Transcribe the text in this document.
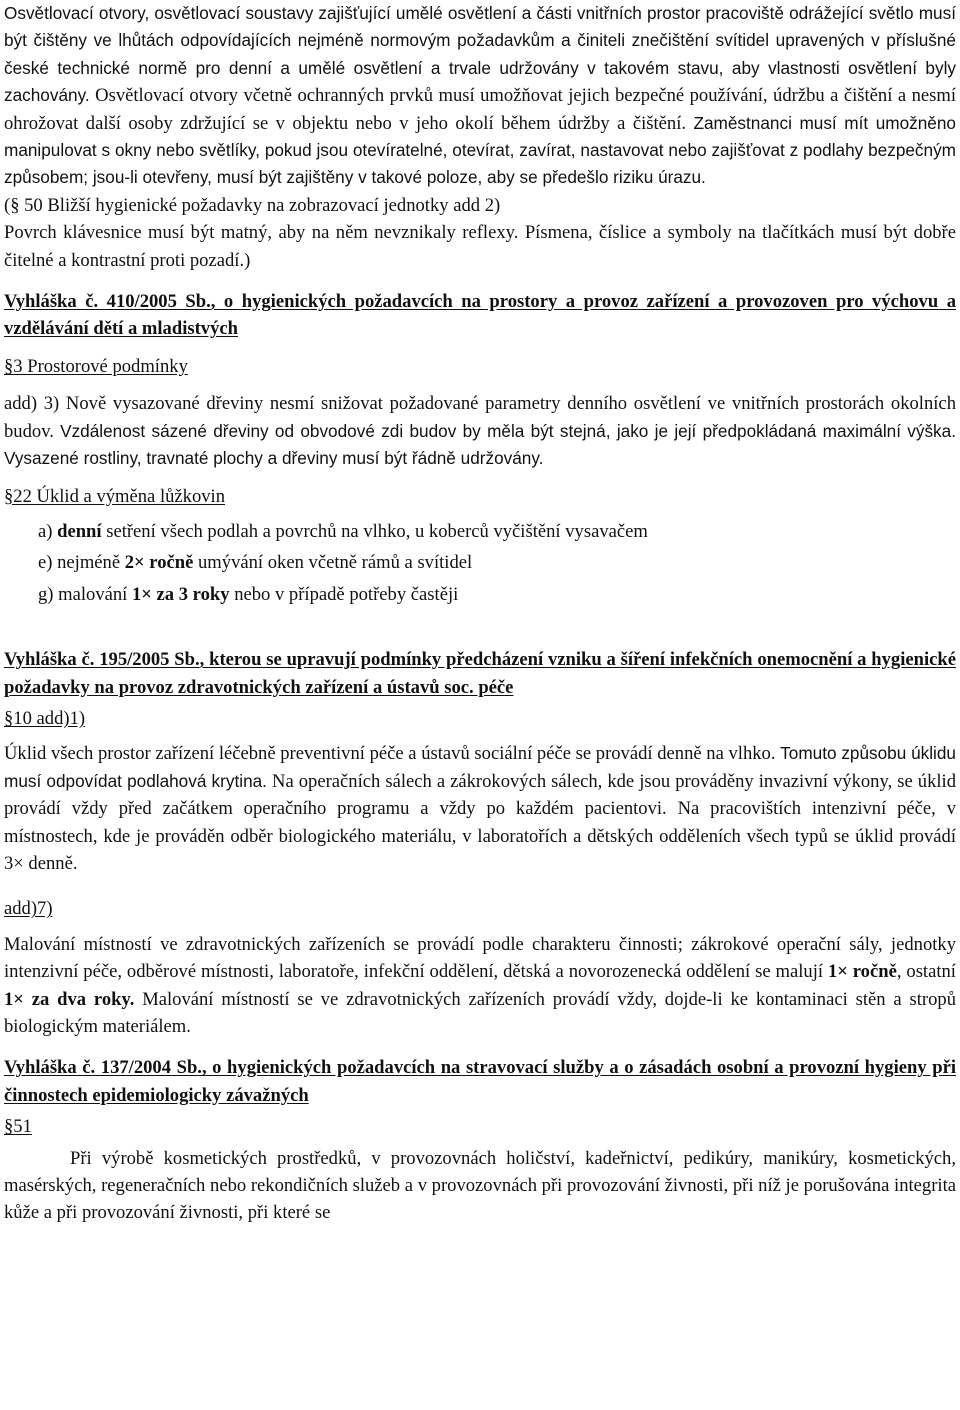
Osvětlovací otvory, osvětlovací soustavy zajišťující umělé osvětlení a části vnitřních prostor pracoviště odrážející světlo musí být čištěny ve lhůtách odpovídajících nejméně normovým požadavkům a činiteli znečištění svítidel upravených v příslušné české technické normě pro denní a umělé osvětlení a trvale udržovány v takovém stavu, aby vlastnosti osvětlení byly zachovány. Osvětlovací otvory včetně ochranných prvků musí umožňovat jejich bezpečné používání, údržbu a čištění a nesmí ohrožovat další osoby zdržující se v objektu nebo v jeho okolí během údržby a čištění. Zaměstnanci musí mít umožněno manipulovat s okny nebo světlíky, pokud jsou otevíratelné, otevírat, zavírat, nastavovat nebo zajišťovat z podlahy bezpečným způsobem; jsou-li otevřeny, musí být zajištěny v takové poloze, aby se předešlo riziku úrazu.

(§ 50 Bližší hygienické požadavky na zobrazovací jednotky add 2)
Povrch klávesnice musí být matný, aby na něm nevznikaly reflexy. Písmena, číslice a symboly na tlačítkách musí být dobře čitelné a kontrastní proti pozadí.)

Vyhláška č. 410/2005 Sb., o hygienických požadavcích na prostory a provoz zařízení a provozoven pro výchovu a vzdělávání dětí a mladistvých

§3 Prostorové podmínky

add) 3) Nově vysazované dřeviny nesmí snižovat požadované parametry denního osvětlení ve vnitřních prostorách okolních budov. Vzdálenost sázené dřeviny od obvodové zdi budov by měla být stejná, jako je její předpokládaná maximální výška. Vysazené rostliny, travnaté plochy a dřeviny musí být řádně udržovány.

§22 Úklid a výměna lůžkovin

a) denní setření všech podlah a povrchů na vlhko, u koberců vyčištění vysavačem

e) nejméně 2× ročně umývání oken včetně rámů a svítidel

g) malování 1× za 3 roky nebo v případě potřeby častěji

Vyhláška č. 195/2005 Sb., kterou se upravují podmínky předcházení vzniku a šíření infekčních onemocnění a hygienické požadavky na provoz zdravotnických zařízení a ústavů soc. péče

§10 add)1)

Úklid všech prostor zařízení léčebně preventivní péče a ústavů sociální péče se provádí denně na vlhko. Tomuto způsobu úklidu musí odpovídat podlahová krytina. Na operačních sálech a zákrokových sálech, kde jsou prováděny invazivní výkony, se úklid provádí vždy před začátkem operačního programu a vždy po každém pacientovi. Na pracovištích intenzivní péče, v místnostech, kde je prováděn odběr biologického materiálu, v laboratořích a dětských odděleních všech typů se úklid provádí 3× denně.

add)7)

Malování místností ve zdravotnických zařízeních se provádí podle charakteru činnosti; zákrokové operační sály, jednotky intenzivní péče, odběrové místnosti, laboratoře, infekční oddělení, dětská a novorozenecká oddělení se malují 1× ročně, ostatní 1× za dva roky. Malování místností se ve zdravotnických zařízeních provádí vždy, dojde-li ke kontaminaci stěn a stropů biologickým materiálem.

Vyhláška č. 137/2004 Sb., o hygienických požadavcích na stravovací služby a o zásadách osobní a provozní hygieny při činnostech epidemiologicky závažných

§51

Při výrobě kosmetických prostředků, v provozovnách holičství, kadeřnictví, pedikúry, manikúry, kosmetických, masérských, regeneračních nebo rekondičních služeb a v provozovnách při provozování živnosti, při níž je porušována integrita kůže a při provozování živnosti, při které se
